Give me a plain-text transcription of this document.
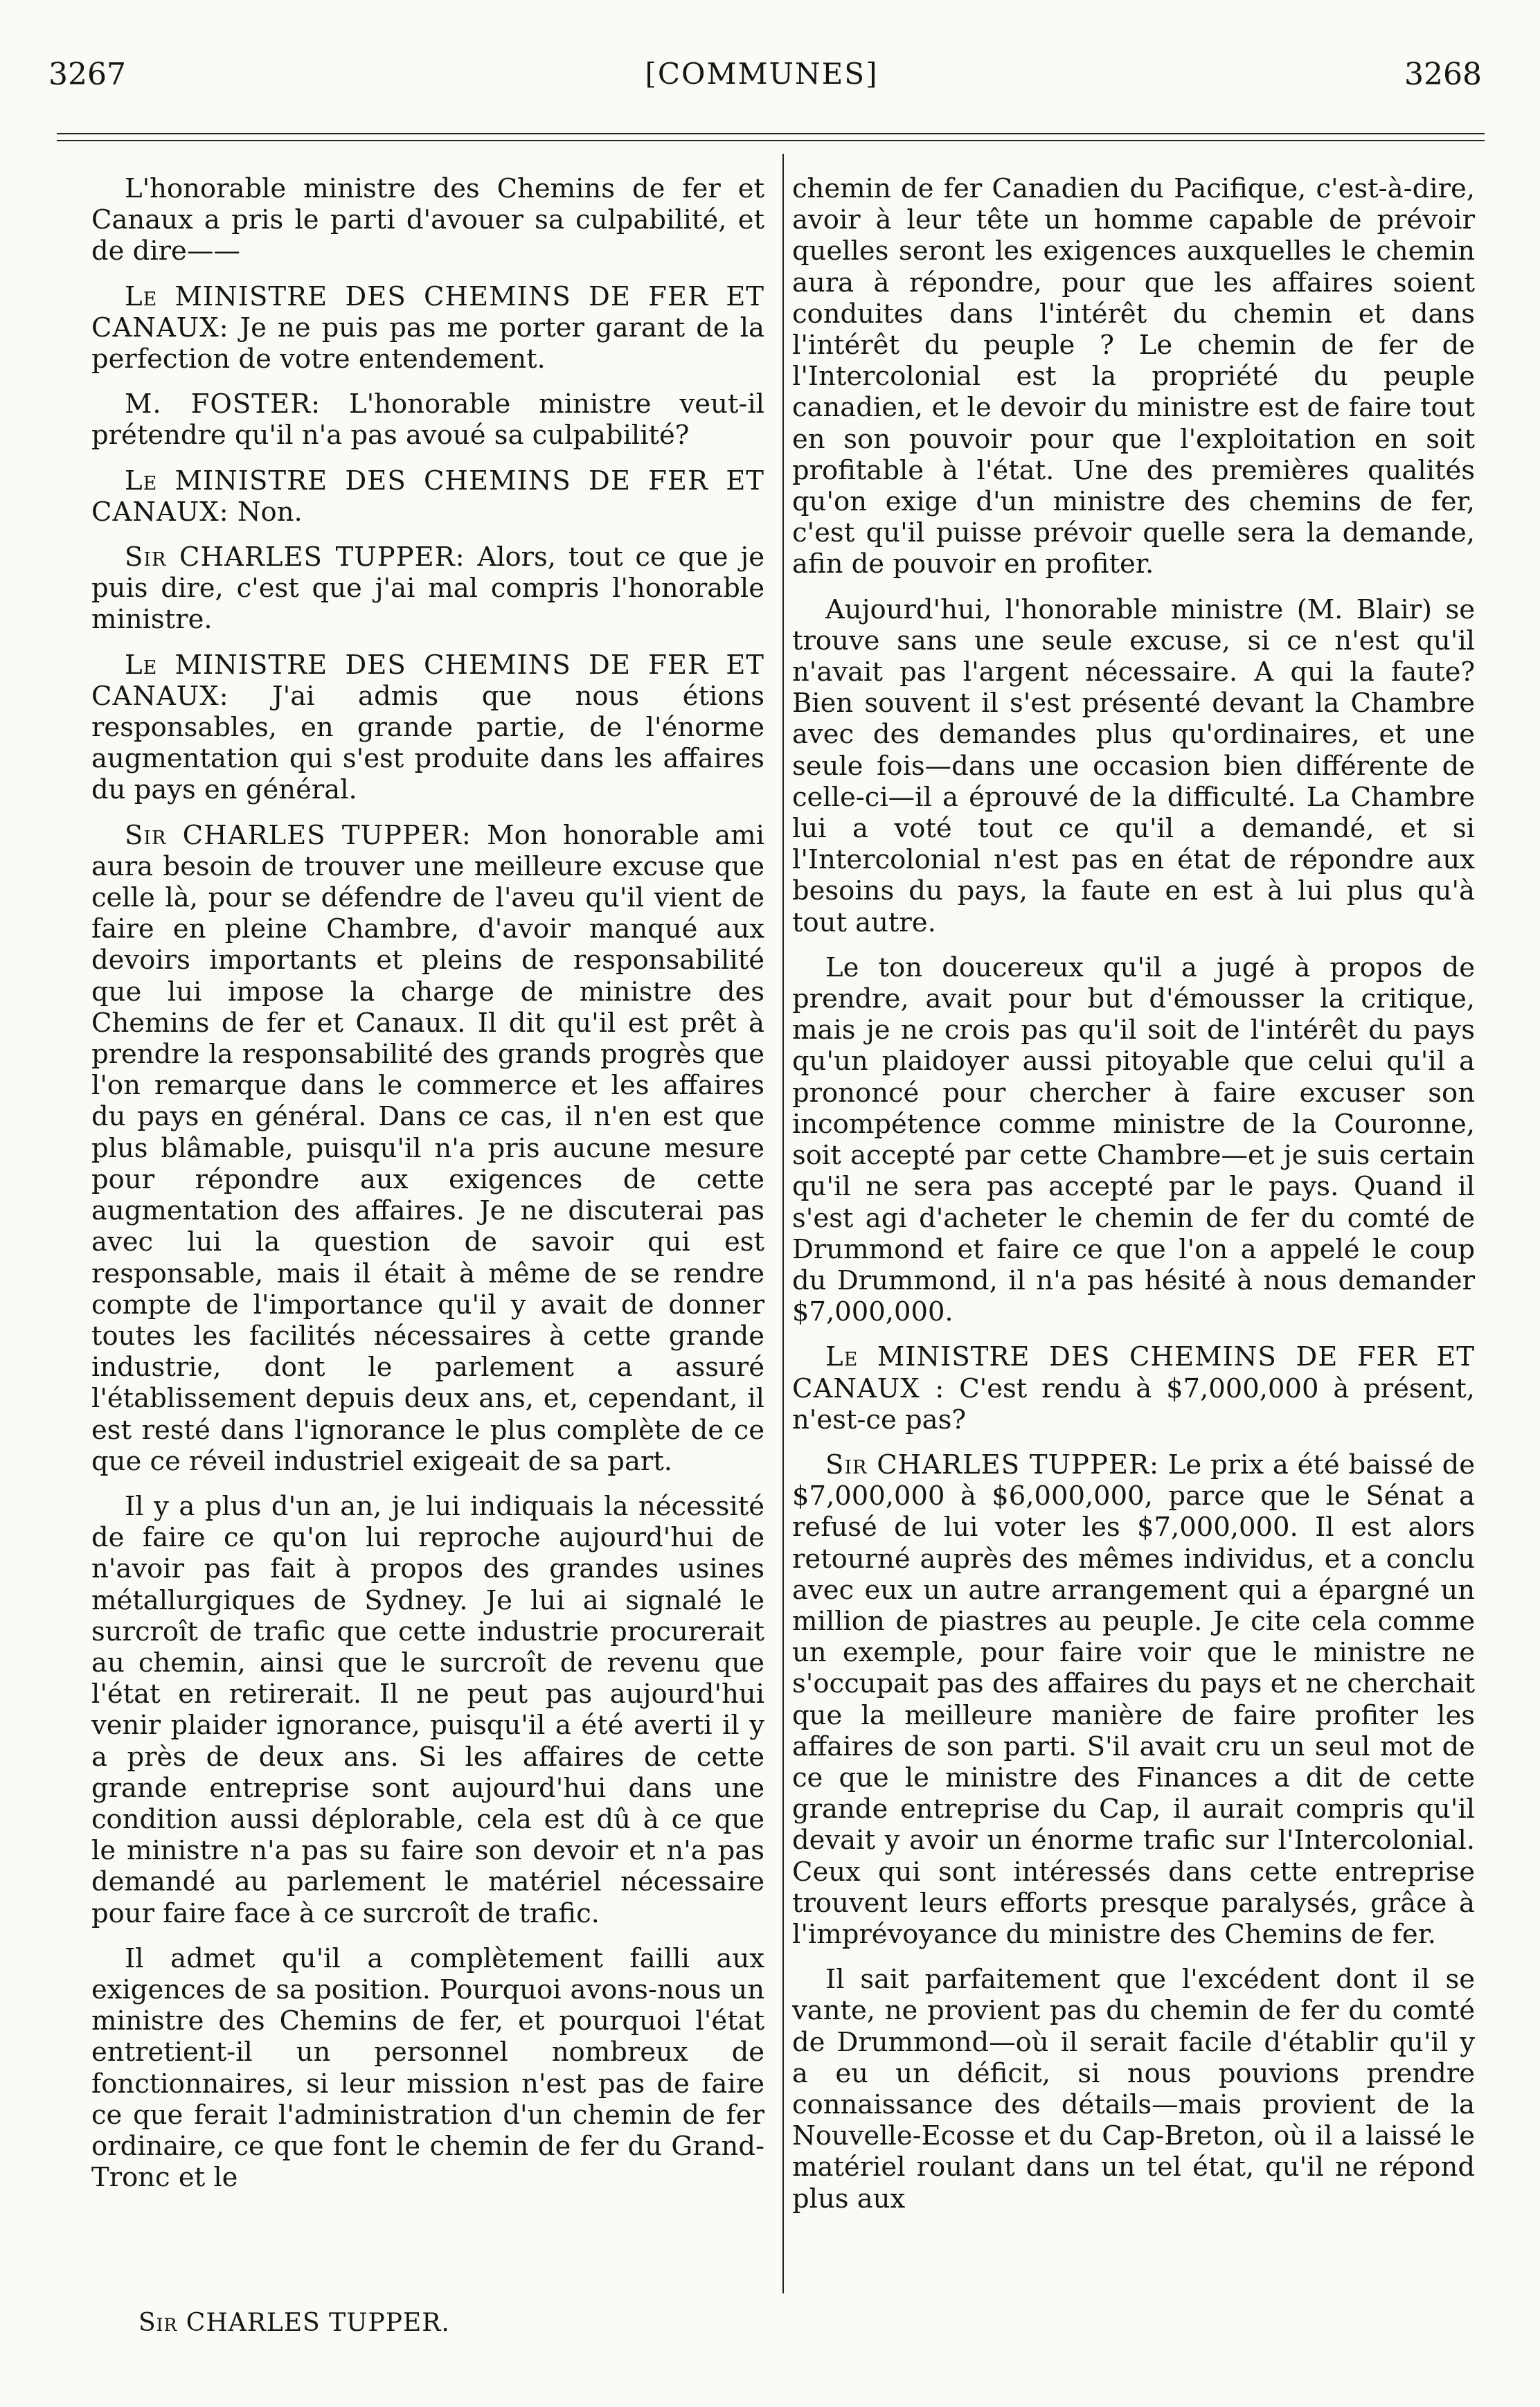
3267	[COMMUNES]	3268

L'honorable ministre des Chemins de fer et Canaux a pris le parti d'avouer sa culpabilité, et de dire——

Le MINISTRE DES CHEMINS DE FER ET CANAUX: Je ne puis pas me porter garant de la perfection de votre entendement.

M. FOSTER: L'honorable ministre veut-il prétendre qu'il n'a pas avoué sa culpabilité?

Le MINISTRE DES CHEMINS DE FER ET CANAUX: Non.

Sir CHARLES TUPPER: Alors, tout ce que je puis dire, c'est que j'ai mal compris l'honorable ministre.

Le MINISTRE DES CHEMINS DE FER ET CANAUX: J'ai admis que nous étions responsables, en grande partie, de l'énorme augmentation qui s'est produite dans les affaires du pays en général.

Sir CHARLES TUPPER: Mon honorable ami aura besoin de trouver une meilleure excuse que celle là, pour se défendre de l'aveu qu'il vient de faire en pleine Chambre, d'avoir manqué aux devoirs importants et pleins de responsabilité que lui impose la charge de ministre des Chemins de fer et Canaux. Il dit qu'il est prêt à prendre la responsabilité des grands progrès que l'on remarque dans le commerce et les affaires du pays en général. Dans ce cas, il n'en est que plus blâmable, puisqu'il n'a pris aucune mesure pour répondre aux exigences de cette augmentation des affaires. Je ne discuterai pas avec lui la question de savoir qui est responsable, mais il était à même de se rendre compte de l'importance qu'il y avait de donner toutes les facilités nécessaires à cette grande industrie, dont le parlement a assuré l'établissement depuis deux ans, et, cependant, il est resté dans l'ignorance le plus complète de ce que ce réveil industriel exigeait de sa part.

Il y a plus d'un an, je lui indiquais la nécessité de faire ce qu'on lui reproche aujourd'hui de n'avoir pas fait à propos des grandes usines métallurgiques de Sydney. Je lui ai signalé le surcroît de trafic que cette industrie procurerait au chemin, ainsi que le surcroît de revenu que l'état en retirerait. Il ne peut pas aujourd'hui venir plaider ignorance, puisqu'il a été averti il y a près de deux ans. Si les affaires de cette grande entreprise sont aujourd'hui dans une condition aussi déplorable, cela est dû à ce que le ministre n'a pas su faire son devoir et n'a pas demandé au parlement le matériel nécessaire pour faire face à ce surcroît de trafic.

Il admet qu'il a complètement failli aux exigences de sa position. Pourquoi avons-nous un ministre des Chemins de fer, et pourquoi l'état entretient-il un personnel nombreux de fonctionnaires, si leur mission n'est pas de faire ce que ferait l'administration d'un chemin de fer ordinaire, ce que font le chemin de fer du Grand-Tronc et le

chemin de fer Canadien du Pacifique, c'est-à-dire, avoir à leur tête un homme capable de prévoir quelles seront les exigences auxquelles le chemin aura à répondre, pour que les affaires soient conduites dans l'intérêt du chemin et dans l'intérêt du peuple ? Le chemin de fer de l'Intercolonial est la propriété du peuple canadien, et le devoir du ministre est de faire tout en son pouvoir pour que l'exploitation en soit profitable à l'état. Une des premières qualités qu'on exige d'un ministre des chemins de fer, c'est qu'il puisse prévoir quelle sera la demande, afin de pouvoir en profiter.

Aujourd'hui, l'honorable ministre (M. Blair) se trouve sans une seule excuse, si ce n'est qu'il n'avait pas l'argent nécessaire. A qui la faute? Bien souvent il s'est présenté devant la Chambre avec des demandes plus qu'ordinaires, et une seule fois—dans une occasion bien différente de celle-ci—il a éprouvé de la difficulté. La Chambre lui a voté tout ce qu'il a demandé, et si l'Intercolonial n'est pas en état de répondre aux besoins du pays, la faute en est à lui plus qu'à tout autre.

Le ton doucereux qu'il a jugé à propos de prendre, avait pour but d'émousser la critique, mais je ne crois pas qu'il soit de l'intérêt du pays qu'un plaidoyer aussi pitoyable que celui qu'il a prononcé pour chercher à faire excuser son incompétence comme ministre de la Couronne, soit accepté par cette Chambre—et je suis certain qu'il ne sera pas accepté par le pays. Quand il s'est agi d'acheter le chemin de fer du comté de Drummond et faire ce que l'on a appelé le coup du Drummond, il n'a pas hésité à nous demander $7,000,000.

Le MINISTRE DES CHEMINS DE FER ET CANAUX : C'est rendu à $7,000,000 à présent, n'est-ce pas?

Sir CHARLES TUPPER: Le prix a été baissé de $7,000,000 à $6,000,000, parce que le Sénat a refusé de lui voter les $7,000,000. Il est alors retourné auprès des mêmes individus, et a conclu avec eux un autre arrangement qui a épargné un million de piastres au peuple. Je cite cela comme un exemple, pour faire voir que le ministre ne s'occupait pas des affaires du pays et ne cherchait que la meilleure manière de faire profiter les affaires de son parti. S'il avait cru un seul mot de ce que le ministre des Finances a dit de cette grande entreprise du Cap, il aurait compris qu'il devait y avoir un énorme trafic sur l'Intercolonial. Ceux qui sont intéressés dans cette entreprise trouvent leurs efforts presque paralysés, grâce à l'imprévoyance du ministre des Chemins de fer.

Il sait parfaitement que l'excédent dont il se vante, ne provient pas du chemin de fer du comté de Drummond—où il serait facile d'établir qu'il y a eu un déficit, si nous pouvions prendre connaissance des détails—mais provient de la Nouvelle-Ecosse et du Cap-Breton, où il a laissé le matériel roulant dans un tel état, qu'il ne répond plus aux

Sir CHARLES TUPPER.
